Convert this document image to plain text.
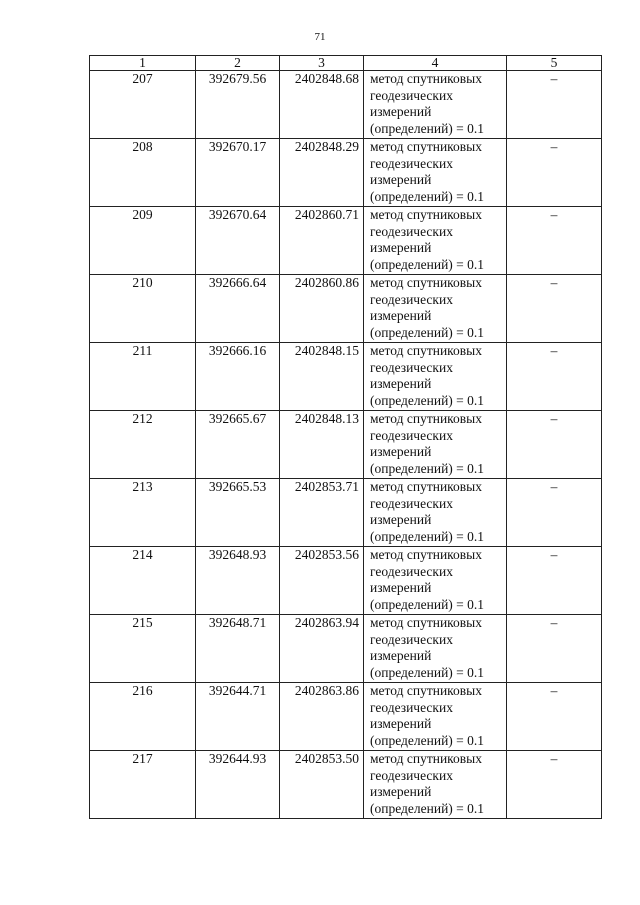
71
1	2	3	4	5
207	392679.56	2402848.68	метод спутниковых
геодезических
измерений
(определений) = 0.1	–
208	392670.17	2402848.29	метод спутниковых
геодезических
измерений
(определений) = 0.1	–
209	392670.64	2402860.71	метод спутниковых
геодезических
измерений
(определений) = 0.1	–
210	392666.64	2402860.86	метод спутниковых
геодезических
измерений
(определений) = 0.1	–
211	392666.16	2402848.15	метод спутниковых
геодезических
измерений
(определений) = 0.1	–
212	392665.67	2402848.13	метод спутниковых
геодезических
измерений
(определений) = 0.1	–
213	392665.53	2402853.71	метод спутниковых
геодезических
измерений
(определений) = 0.1	–
214	392648.93	2402853.56	метод спутниковых
геодезических
измерений
(определений) = 0.1	–
215	392648.71	2402863.94	метод спутниковых
геодезических
измерений
(определений) = 0.1	–
216	392644.71	2402863.86	метод спутниковых
геодезических
измерений
(определений) = 0.1	–
217	392644.93	2402853.50	метод спутниковых
геодезических
измерений
(определений) = 0.1	–
